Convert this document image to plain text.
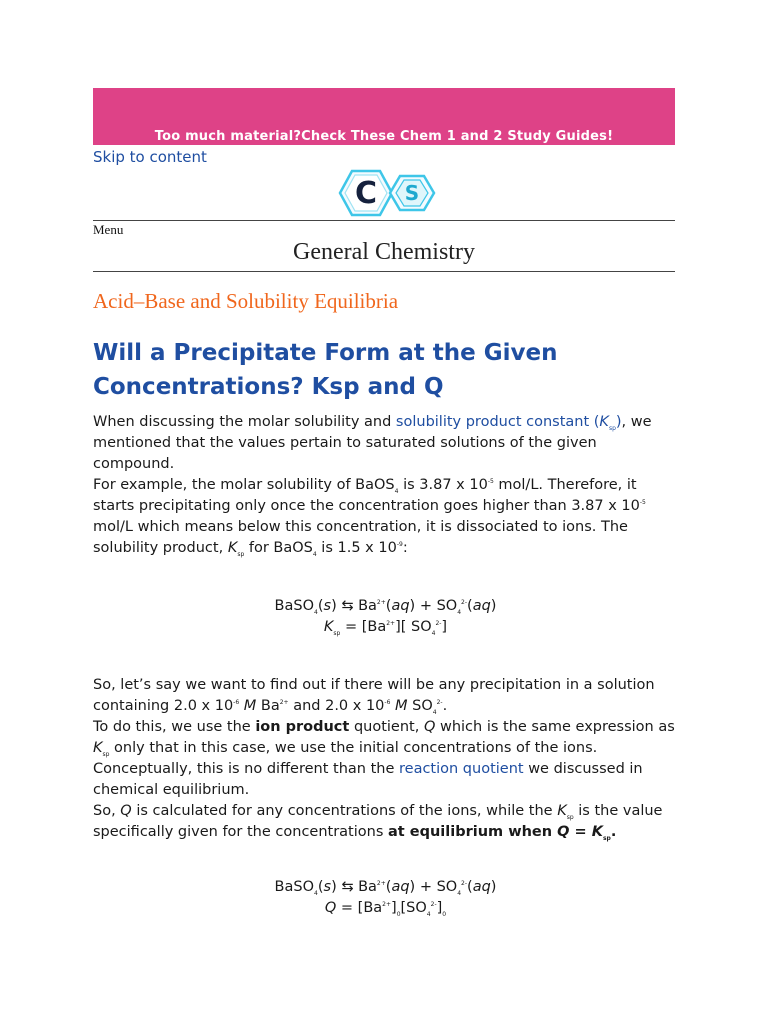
Too much material?Check These Chem 1 and 2 Study Guides!
Skip to content
C S
Menu
General Chemistry
Acid–Base and Solubility Equilibria
Will a Precipitate Form at the Given Concentrations? Ksp and Q

When discussing the molar solubility and solubility product constant $(K_{sp})$, we mentioned that the values pertain to saturated solutions of the given compound.

For example, the molar solubility of BaOS$_4$ is 3.87 x $10^{-5}$ mol/L. Therefore, it starts precipitating only once the concentration goes higher than 3.87 x $10^{-5}$ mol/L which means below this concentration, it is dissociated to ions. The solubility product, $K_{sp}$ for BaOS$_4$ is 1.5 x $10^{-9}$:

BaSO$_4$(s) ⇆ $Ba^{2+}(aq) + SO_4^{2-}(aq)$
$K_{sp} = [Ba^{2+}]$[ $SO_4^{2-}$]

So, let’s say we want to find out if there will be any precipitation in a solution containing 2.0 x $10^{-6}$ M $Ba^{2+}$ and 2.0 x $10^{-6}$ M $SO_4^{2-}$.

To do this, we use the ion product quotient, Q which is the same expression as $K_{sp}$ only that in this case, we use the initial concentrations of the ions. Conceptually, this is no different than the reaction quotient we discussed in chemical equilibrium.

So, Q is calculated for any concentrations of the ions, while the $K_{sp}$ is the value specifically given for the concentrations at equilibrium when $Q = K_{sp}$.

BaSO$_4$(s) ⇆ $Ba^{2+}(aq) + SO_4^{2-}(aq)$
$Q = [Ba^{2+}]_0[SO_4^{2-}]_0$
